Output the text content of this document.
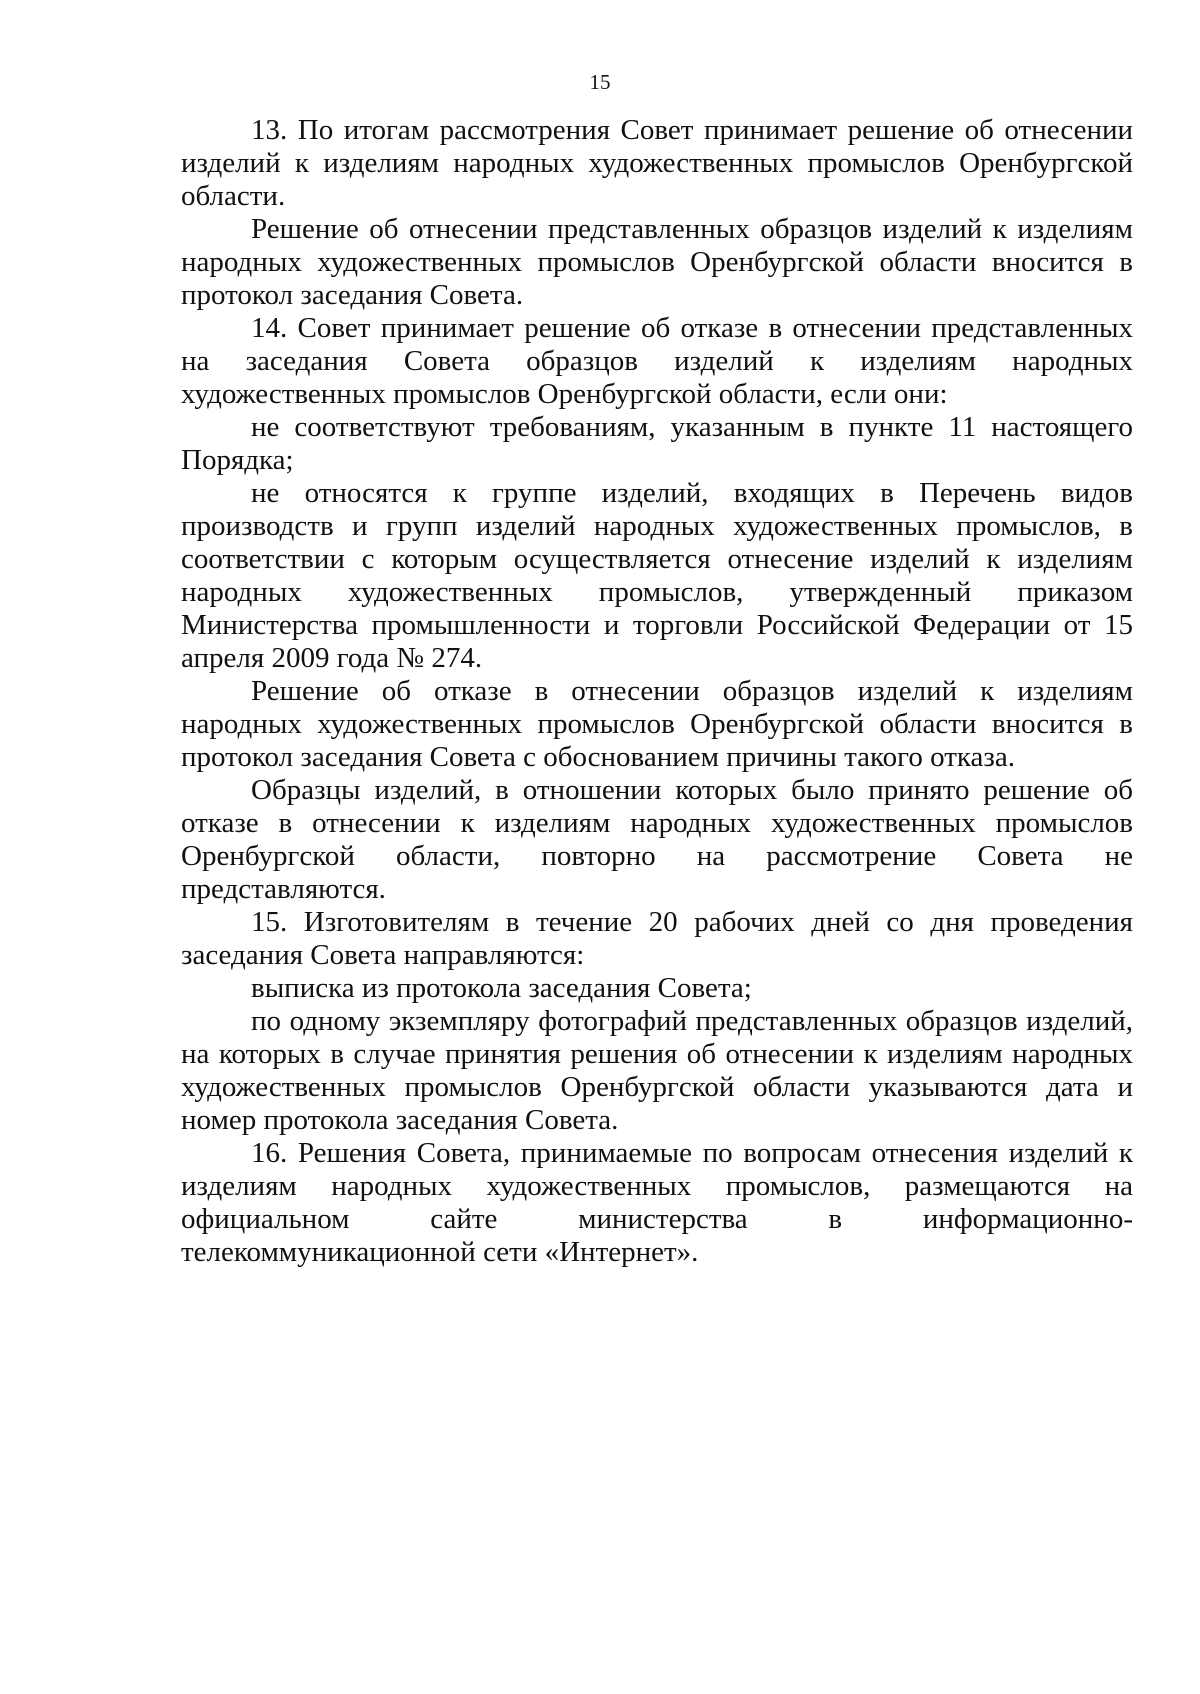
15

13. По итогам рассмотрения Совет принимает решение об отнесении изделий к изделиям народных художественных промыслов Оренбургской области.

Решение об отнесении представленных образцов изделий к изделиям народных художественных промыслов Оренбургской области вносится в протокол заседания Совета.

14. Совет принимает решение об отказе в отнесении представленных на заседания Совета образцов изделий к изделиям народных художественных промыслов Оренбургской области, если они:

не соответствуют требованиям, указанным в пункте 11 настоящего Порядка;

не относятся к группе изделий, входящих в Перечень видов производств и групп изделий народных художественных промыслов, в соответствии с которым осуществляется отнесение изделий к изделиям народных художественных промыслов, утвержденный приказом Министерства промышленности и торговли Российской Федерации от 15 апреля 2009 года № 274.

Решение об отказе в отнесении образцов изделий к изделиям народных художественных промыслов Оренбургской области вносится в протокол заседания Совета с обоснованием причины такого отказа.

Образцы изделий, в отношении которых было принято решение об отказе в отнесении к изделиям народных художественных промыслов Оренбургской области, повторно на рассмотрение Совета не представляются.

15. Изготовителям в течение 20 рабочих дней со дня проведения заседания Совета направляются:

выписка из протокола заседания Совета;

по одному экземпляру фотографий представленных образцов изделий, на которых в случае принятия решения об отнесении к изделиям народных художественных промыслов Оренбургской области указываются дата и номер протокола заседания Совета.

16. Решения Совета, принимаемые по вопросам отнесения изделий к изделиям народных художественных промыслов, размещаются на официальном сайте министерства в информационно-телекоммуникационной сети «Интернет».
